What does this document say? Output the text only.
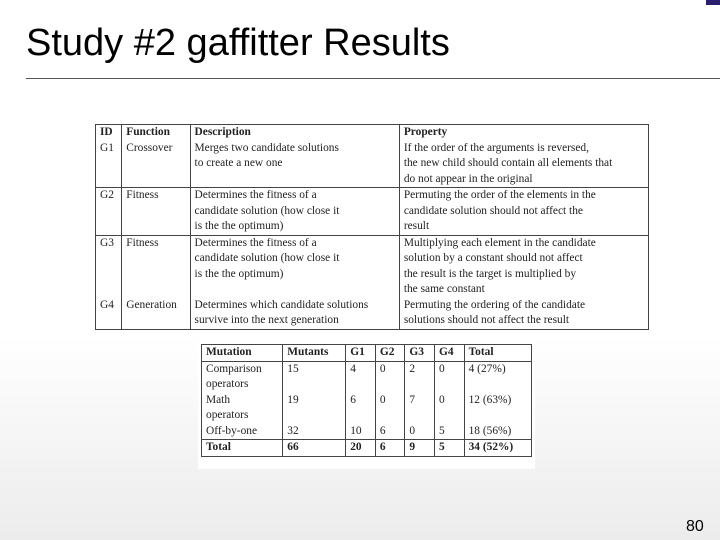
Study #2 gaffitter Results
ID	Function	Description	Property
G1	Crossover	Merges two candidate solutions	If the order of the arguments is reversed,
		to create a new one	the new child should contain all elements that
			do not appear in the original
G2	Fitness	Determines the fitness of a	Permuting the order of the elements in the
		candidate solution (how close it	candidate solution should not affect the
		is the the optimum)	result
G3	Fitness	Determines the fitness of a	Multiplying each element in the candidate
		candidate solution (how close it	solution by a constant should not affect
		is the the optimum)	the result is the target is multiplied by
			the same constant
G4	Generation	Determines which candidate solutions	Permuting the ordering of the candidate
		survive into the next generation	solutions should not affect the result
Mutation	Mutants	G1	G2	G3	G4	Total
Comparison
operators	15	4	0	2	0	4 (27%)
Math
operators	19	6	0	7	0	12 (63%)
Off-by-one	32	10	6	0	5	18 (56%)
Total	66	20	6	9	5	34 (52%)
80
